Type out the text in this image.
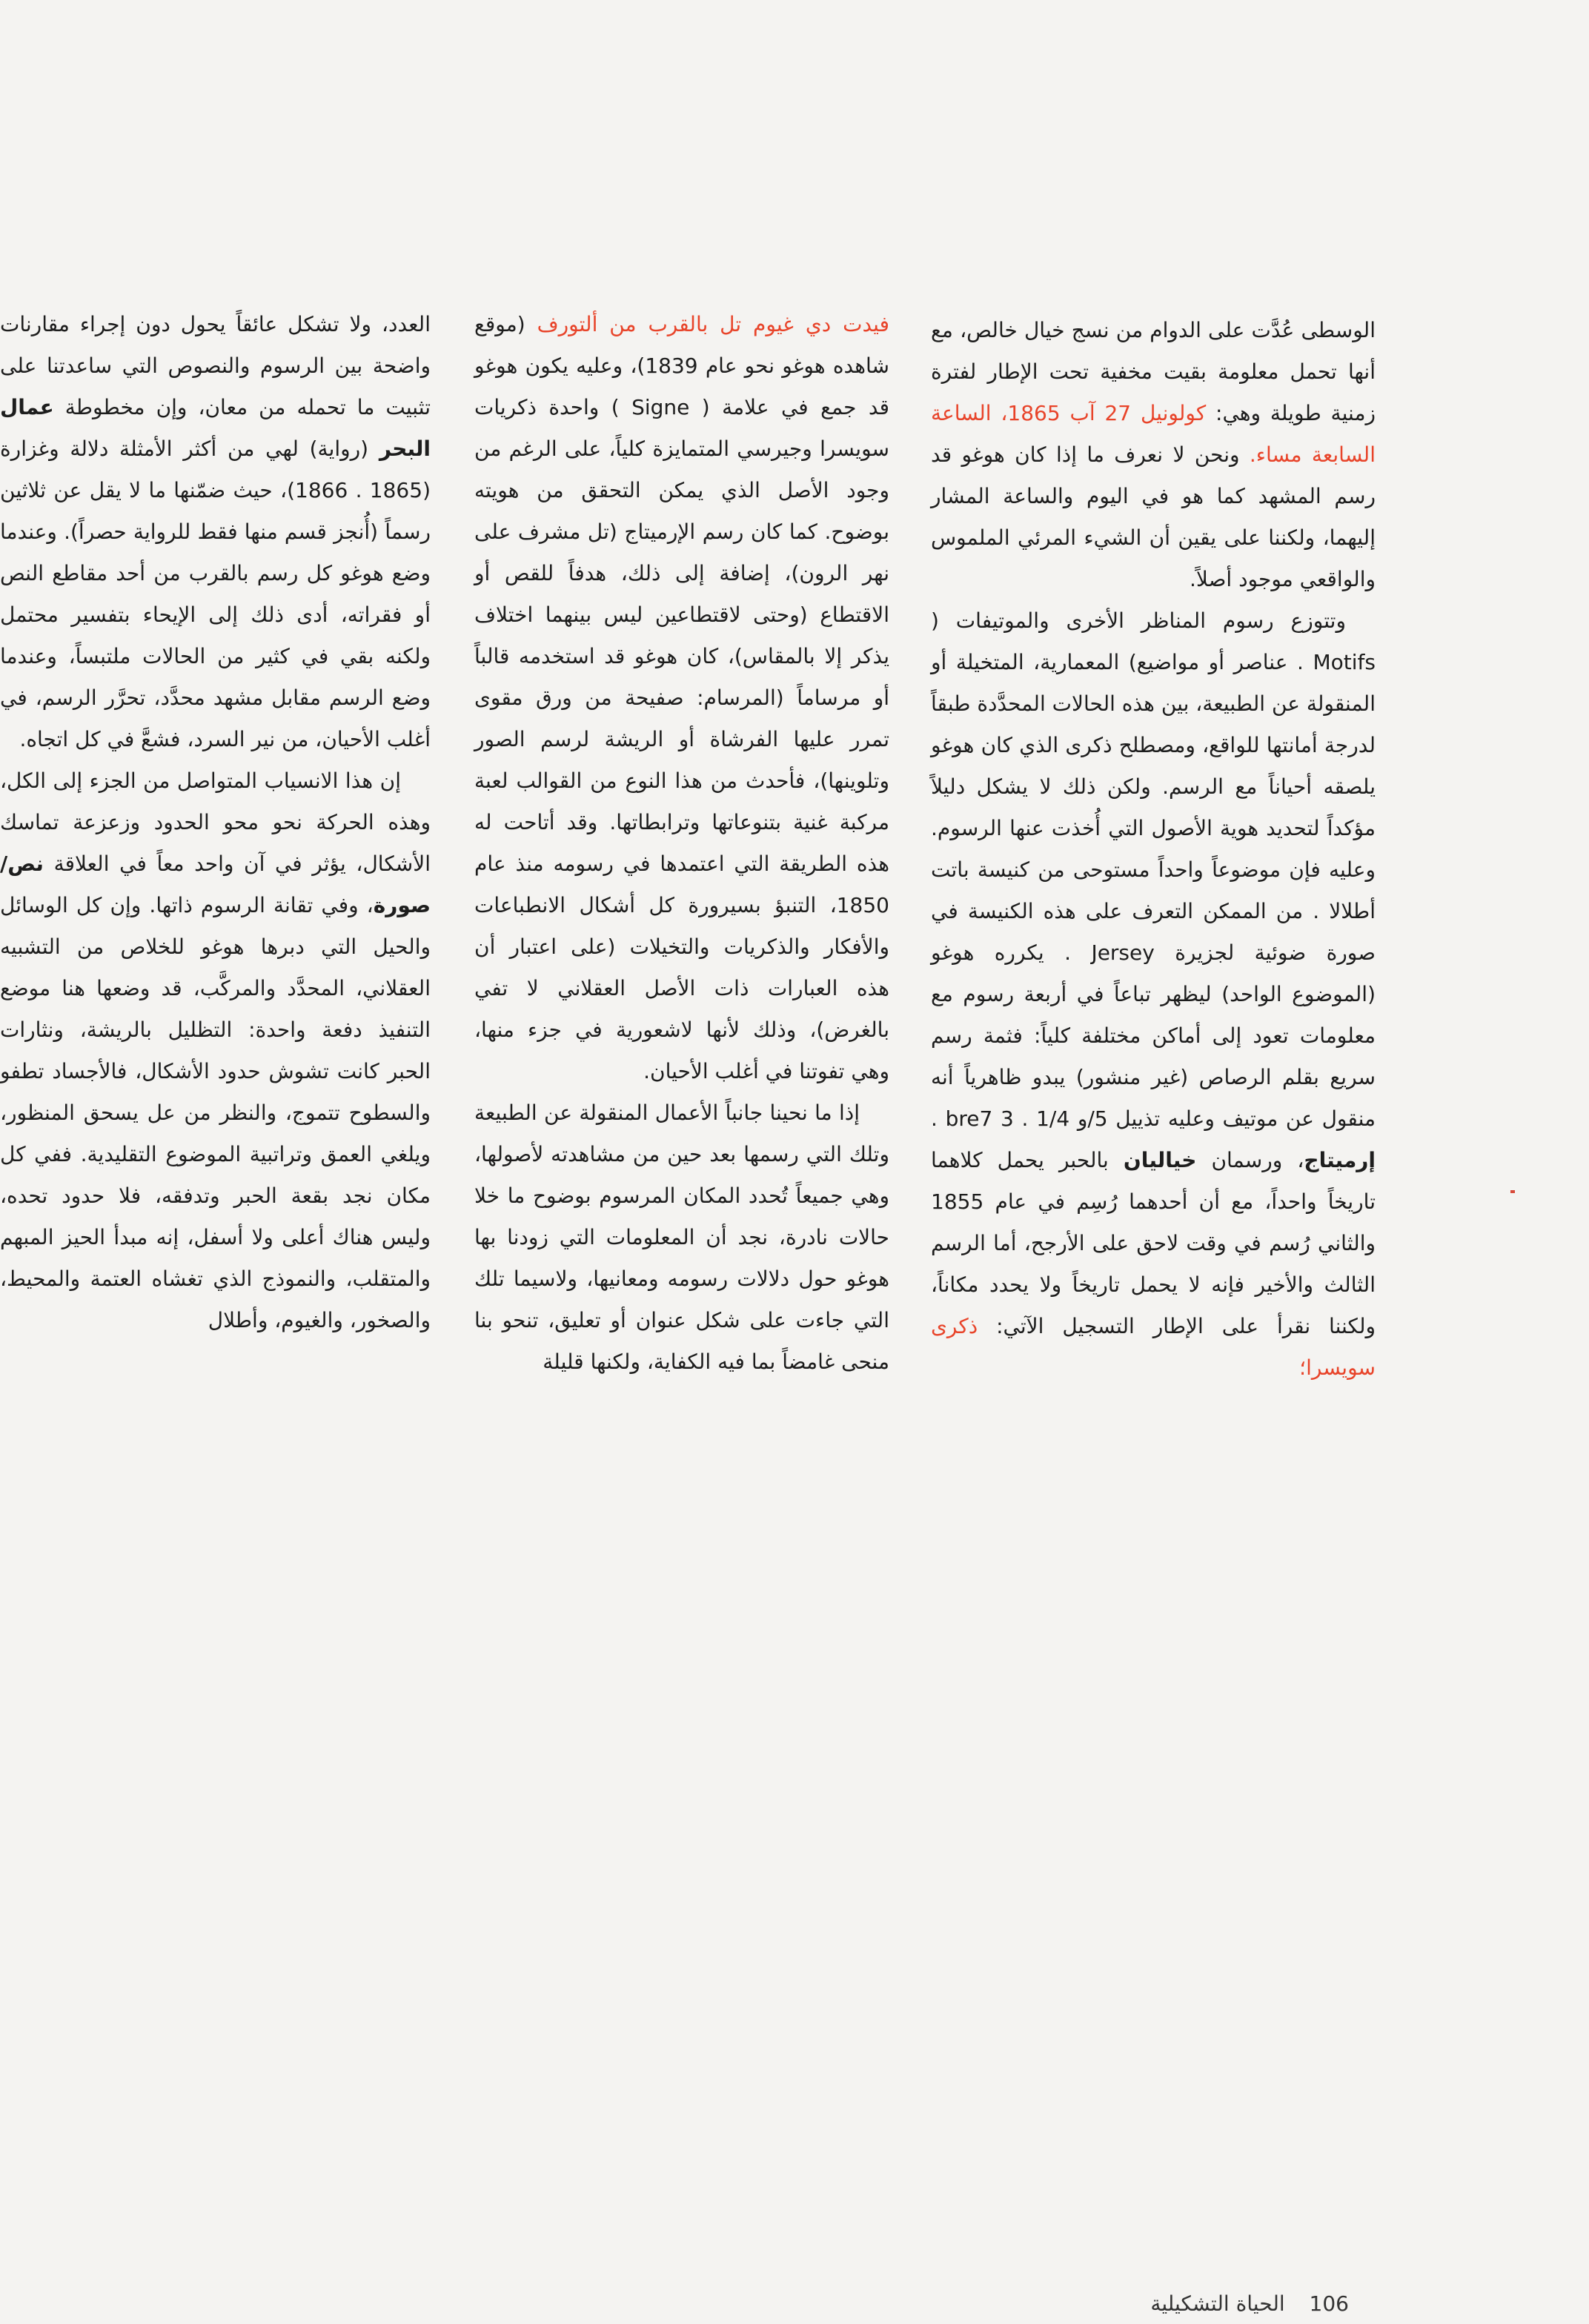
الوسطى عُدَّت على الدوام من نسج خيال خالص، مع أنها تحمل معلومة بقيت مخفية تحت الإطار لفترة زمنية طويلة وهي: كولونيل 27 آب 1865، الساعة السابعة مساء. ونحن لا نعرف ما إذا كان هوغو قد رسم المشهد كما هو في اليوم والساعة المشار إليهما، ولكننا على يقين أن الشيء المرئي الملموس والواقعي موجود أصلاً.

وتتوزع رسوم المناظر الأخرى والموتيفات ( Motifs . عناصر أو مواضيع) المعمارية، المتخيلة أو المنقولة عن الطبيعة، بين هذه الحالات المحدَّدة طبقاً لدرجة أمانتها للواقع، ومصطلح ذكرى الذي كان هوغو يلصقه أحياناً مع الرسم. ولكن ذلك لا يشكل دليلاً مؤكداً لتحديد هوية الأصول التي أُخذت عنها الرسوم. وعليه فإن موضوعاً واحداً مستوحى من كنيسة باتت أطلالا . من الممكن التعرف على هذه الكنيسة في صورة ضوئية لجزيرة Jersey . يكرره هوغو (الموضوع الواحد) ليظهر تباعاً في أربعة رسوم مع معلومات تعود إلى أماكن مختلفة كلياً: فثمة رسم سريع بقلم الرصاص (غير منشور) يبدو ظاهرياً أنه منقول عن موتيف وعليه تذييل 5/و 1/4 . 3 bre7 . إرميتاج، ورسمان خياليان بالحبر يحمل كلاهما تاريخاً واحداً، مع أن أحدهما رُسِم في عام 1855 والثاني رُسم في وقت لاحق على الأرجح، أما الرسم الثالث والأخير فإنه لا يحمل تاريخاً ولا يحدد مكاناً، ولكننا نقرأ على الإطار التسجيل الآتي: ذكرى سويسرا؛

فيدت دي غيوم تل بالقرب من ألتورف (موقع شاهده هوغو نحو عام 1839)، وعليه يكون هوغو قد جمع في علامة ( Signe ) واحدة ذكريات سويسرا وجيرسي المتمايزة كلياً، على الرغم من وجود الأصل الذي يمكن التحقق من هويته بوضوح. كما كان رسم الإرميتاج (تل مشرف على نهر الرون)، إضافة إلى ذلك، هدفاً للقص أو الاقتطاع (وحتى لاقتطاعين ليس بينهما اختلاف يذكر إلا بالمقاس)، كان هوغو قد استخدمه قالباً أو مرساماً (المرسام: صفيحة من ورق مقوى تمرر عليها الفرشاة أو الريشة لرسم الصور وتلوينها)، فأحدث من هذا النوع من القوالب لعبة مركبة غنية بتنوعاتها وترابطاتها. وقد أتاحت له هذه الطريقة التي اعتمدها في رسومه منذ عام 1850، التنبؤ بسيرورة كل أشكال الانطباعات والأفكار والذكريات والتخيلات (على اعتبار أن هذه العبارات ذات الأصل العقلاني لا تفي بالغرض)، وذلك لأنها لاشعورية في جزء منها، وهي تفوتنا في أغلب الأحيان.

إذا ما نحينا جانباً الأعمال المنقولة عن الطبيعة وتلك التي رسمها بعد حين من مشاهدته لأصولها، وهي جميعاً تُحدد المكان المرسوم بوضوح ما خلا حالات نادرة، نجد أن المعلومات التي زودنا بها هوغو حول دلالات رسومه ومعانيها، ولاسيما تلك التي جاءت على شكل عنوان أو تعليق، تنحو بنا منحى غامضاً بما فيه الكفاية، ولكنها قليلة

العدد، ولا تشكل عائقاً يحول دون إجراء مقارنات واضحة بين الرسوم والنصوص التي ساعدتنا على تثبيت ما تحمله من معان، وإن مخطوطة عمال البحر (رواية) لهي من أكثر الأمثلة دلالة وغزارة (1865 . 1866)، حيث ضمّنها ما لا يقل عن ثلاثين رسماً (أُنجز قسم منها فقط للرواية حصراً). وعندما وضع هوغو كل رسم بالقرب من أحد مقاطع النص أو فقراته، أدى ذلك إلى الإيحاء بتفسير محتمل ولكنه بقي في كثير من الحالات ملتبساً، وعندما وضع الرسم مقابل مشهد محدَّد، تحرَّر الرسم، في أغلب الأحيان، من نير السرد، فشعَّ في كل اتجاه.

إن هذا الانسياب المتواصل من الجزء إلى الكل، وهذه الحركة نحو محو الحدود وزعزعة تماسك الأشكال، يؤثر في آن واحد معاً في العلاقة نص/صورة، وفي تقانة الرسوم ذاتها. وإن كل الوسائل والحيل التي دبرها هوغو للخلاص من التشبيه العقلاني، المحدَّد والمركَّب، قد وضعها هنا موضع التنفيذ دفعة واحدة: التظليل بالريشة، ونثارات الحبر كانت تشوش حدود الأشكال، فالأجساد تطفو والسطوح تتموج، والنظر من عل يسحق المنظور، ويلغي العمق وتراتبية الموضوع التقليدية. ففي كل مكان نجد بقعة الحبر وتدفقه، فلا حدود تحده، وليس هناك أعلى ولا أسفل، إنه مبدأ الحيز المبهم والمتقلب، والنموذج الذي تغشاه العتمة والمحيط، والصخور، والغيوم، وأطلال

106 الحياة التشكيلية
